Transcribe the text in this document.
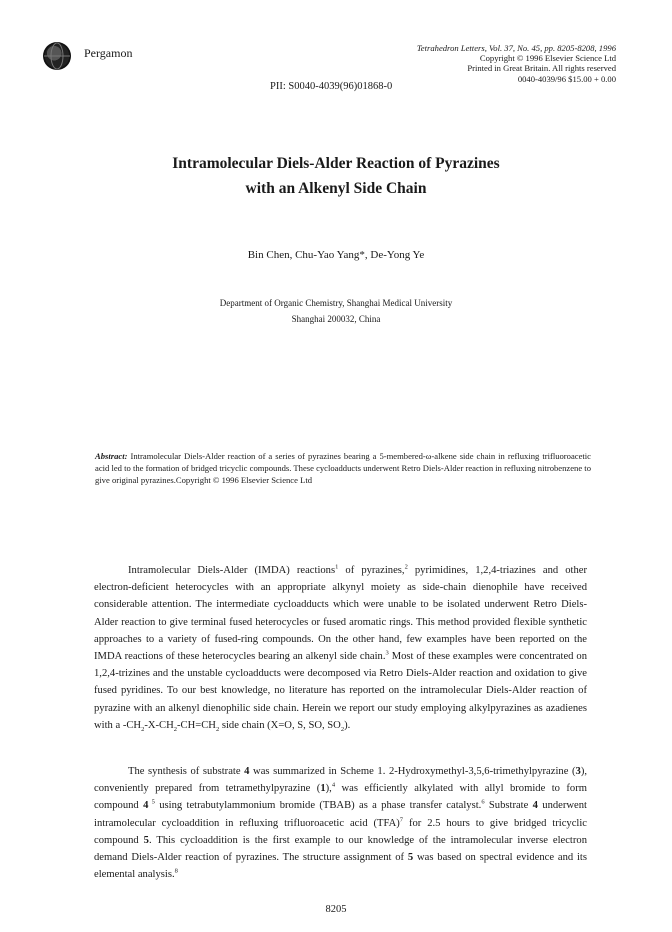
Pergamon	Tetrahedron Letters, Vol. 37, No. 45, pp. 8205-8208, 1996
Copyright © 1996 Elsevier Science Ltd
Printed in Great Britain. All rights reserved
0040-4039/96 $15.00 + 0.00
PII: S0040-4039(96)01868-0
Intramolecular Diels-Alder Reaction of Pyrazines
with an Alkenyl Side Chain
Bin Chen, Chu-Yao Yang*, De-Yong Ye
Department of Organic Chemistry, Shanghai Medical University
Shanghai 200032, China
Abstract: Intramolecular Diels-Alder reaction of a series of pyrazines bearing a 5-membered-ω-alkene side chain in refluxing trifluoroacetic acid led to the formation of bridged tricyclic compounds. These cycloadducts underwent Retro Diels-Alder reaction in refluxing nitrobenzene to give original pyrazines.Copyright © 1996 Elsevier Science Ltd
Intramolecular Diels-Alder (IMDA) reactions$^1$ of pyrazines,$^2$ pyrimidines, 1,2,4-triazines and other electron-deficient heterocycles with an appropriate alkynyl moiety as side-chain dienophile have received considerable attention. The intermediate cycloadducts which were unable to be isolated underwent Retro Diels-Alder reaction to give terminal fused heterocycles or fused aromatic rings. This method provided flexible synthetic approaches to a variety of fused-ring compounds. On the other hand, few examples have been reported on the IMDA reactions of these heterocycles bearing an alkenyl side chain.$^3$ Most of these examples were concentrated on 1,2,4-trizines and the unstable cycloadducts were decomposed via Retro Diels-Alder reaction and oxidation to give fused pyridines. To our best knowledge, no literature has reported on the intramolecular Diels-Alder reaction of pyrazine with an alkenyl dienophilic side chain. Herein we report our study employing alkylpyrazines as azadienes with a $-CH_2-X-CH_2-CH=CH_2$ side chain (X=O, S, SO, $SO_2$).
The synthesis of substrate 4 was summarized in Scheme 1. 2-Hydroxymethyl-3,5,6-trimethylpyrazine (3), conveniently prepared from tetramethylpyrazine (1),$^4$ was efficiently alkylated with allyl bromide to form compound 4 $^5$ using tetrabutylammonium bromide (TBAB) as a phase transfer catalyst.$^6$ Substrate 4 underwent intramolecular cycloaddition in refluxing trifluoroacetic acid (TFA)$^7$ for 2.5 hours to give bridged tricyclic compound 5. This cycloaddition is the first example to our knowledge of the intramolecular inverse electron demand Diels-Alder reaction of pyrazines. The structure assignment of 5 was based on spectral evidence and its elemental analysis.$^8$
8205
